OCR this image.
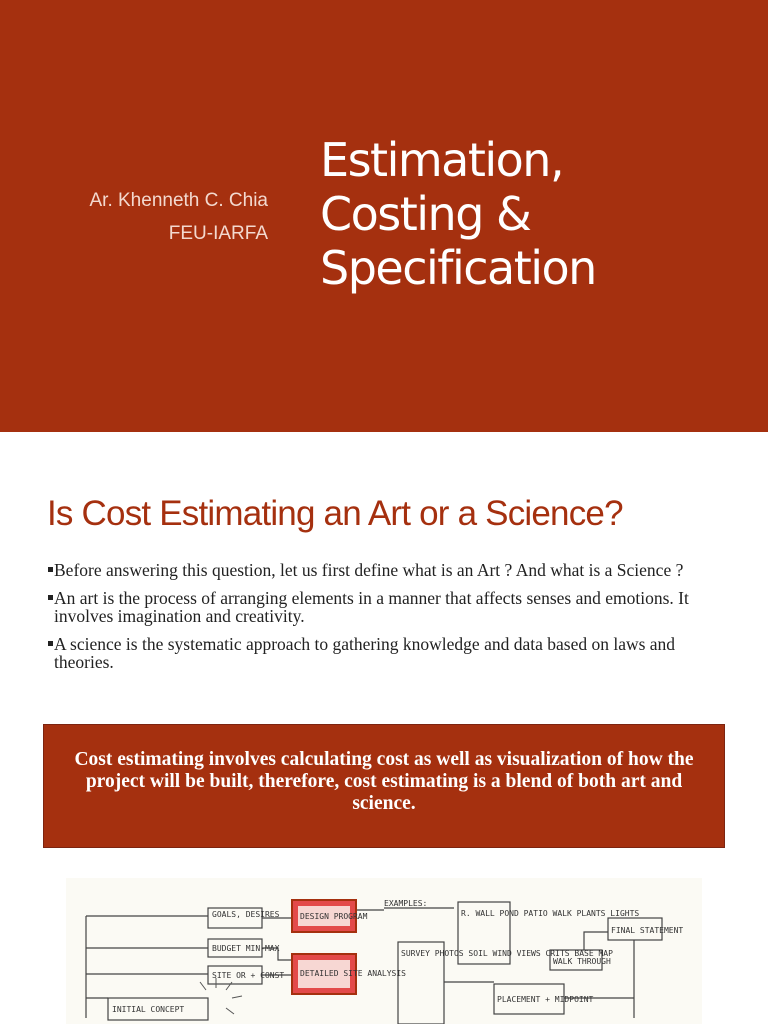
Ar. Khenneth C. Chia
FEU-IARFA
Estimation,
Costing &
Specification
Is Cost Estimating an Art or a Science?
Before answering this question, let us first define what is an Art ? And what is a Science ?
An art is the process of arranging elements in a manner that affects senses and emotions. It involves imagination and creativity.
A science is the systematic approach to gathering knowledge and data based on laws and theories.
Cost estimating involves calculating cost as well as visualization of how the project will be built, therefore, cost estimating is a blend of both art and science.
GOALS, DESIRES
BUDGET MIN-MAX
SITE OR + CONST
INITIAL CONCEPT
DESIGN PROGRAM
DETAILED SITE ANALYSIS
EXAMPLES:
R. WALL POND PATIO WALK PLANTS LIGHTS
SURVEY PHOTOS SOIL WIND VIEWS CRITS BASE MAP
WALK THROUGH
FINAL STATEMENT
PLACEMENT + MIDPOINT
